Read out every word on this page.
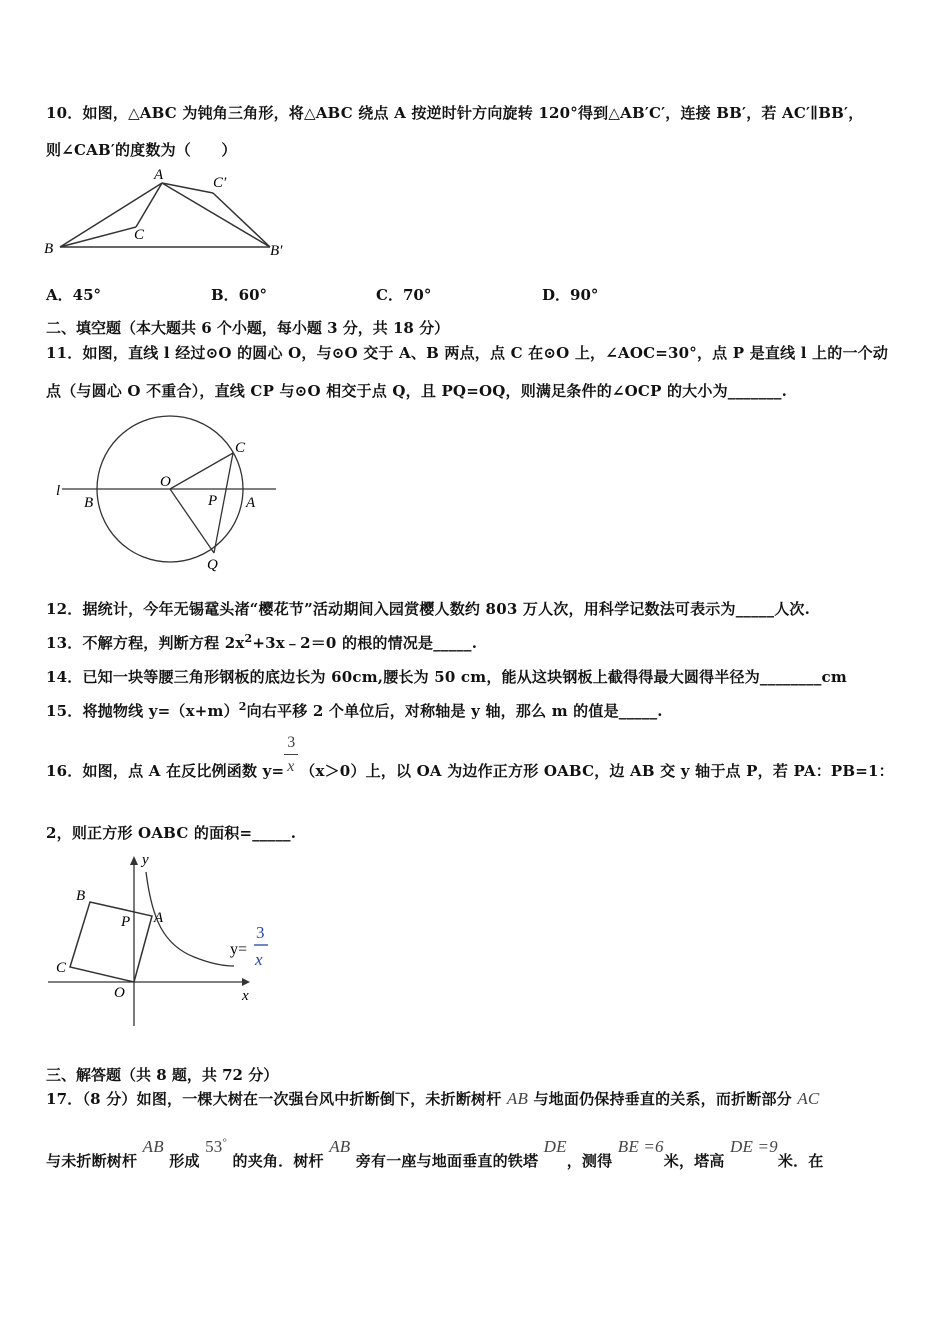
10．如图，△ABC 为钝角三角形，将△ABC 绕点 A 按逆时针方向旋转 120°得到△AB′C′，连接 BB′，若 AC′∥BB′，
则∠CAB′的度数为（　　）
A	C′
B
C
B′
A．45°	B．60°	C．70°	D．90°
二、填空题（本大题共 6 个小题，每小题 3 分，共 18 分）
11．如图，直线 l 经过⊙O 的圆心 O，与⊙O 交于 A、B 两点，点 C 在⊙O 上，∠AOC=30°，点 P 是直线 l 上的一个动
点（与圆心 O 不重合），直线 CP 与⊙O 相交于点 Q，且 PQ=OQ，则满足条件的∠OCP 的大小为_______.
l
B
O
P A
C
Q
12．据统计，今年无锡鼋头渚“樱花节”活动期间入园赏樱人数约 803 万人次，用科学记数法可表示为_____人次.
13．不解方程，判断方程 $2x^2+3x﹣2=0$ 的根的情况是_____.
14．已知一块等腰三角形钢板的底边长为 60cm,腰长为 50 cm，能从这块钢板上截得得最大圆得半径为________cm
15．将抛物线 $y=(x+m)^2$向右平移 2 个单位后，对称轴是 y 轴，那么 m 的值是_____.
16．如图，点 A 在反比例函数 $y= \frac{3}{x} (x>0)$上，以 OA 为边作正方形 OABC，边 AB 交 y 轴于点 P，若 PA：PB=1：
2，则正方形 OABC 的面积=_____.
y
B
P A
C
O	x
y=
3
x
三、解答题（共 8 题，共 72 分）
17．（8 分）如图，一棵大树在一次强台风中折断倒下，未折断树杆 AB 与地面仍保持垂直的关系，而折断部分 AC
与未折断树杆 AB 形成 53° 的夹角．树杆 AB 旁有一座与地面垂直的铁塔 DE，测得 BE =6米，塔高 DE =9米．在
